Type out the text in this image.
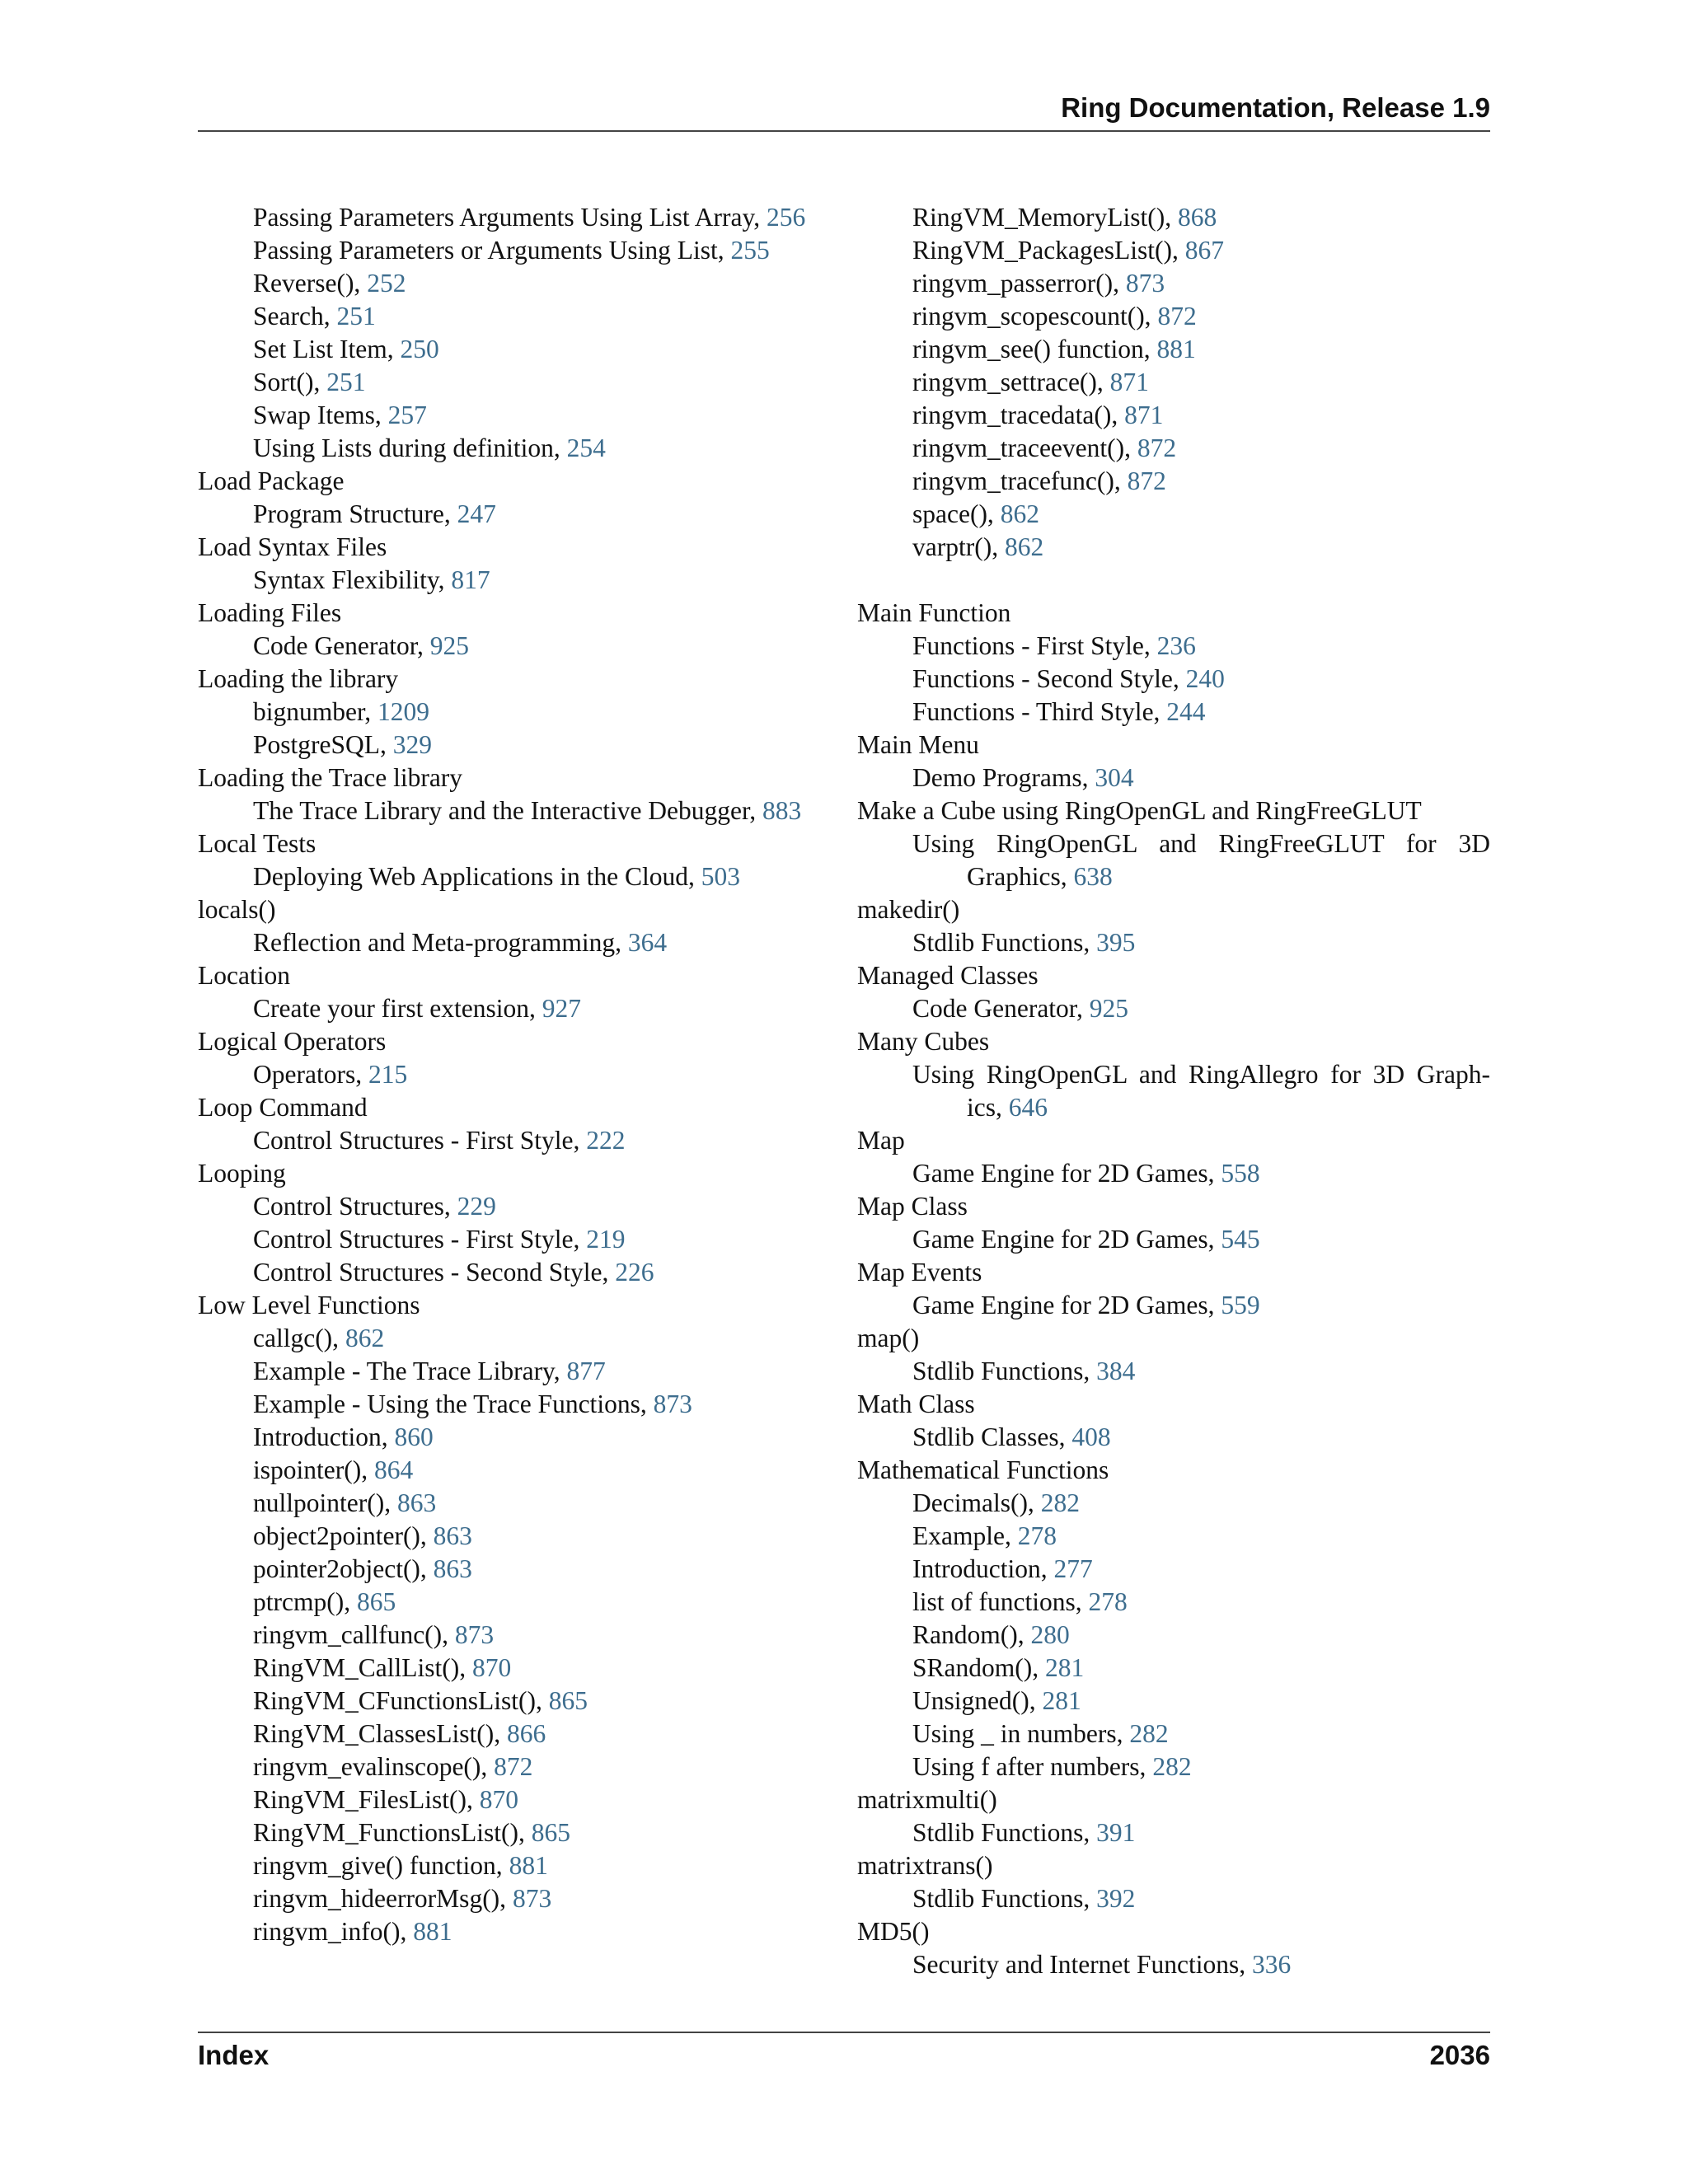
Ring Documentation, Release 1.9
Passing Parameters Arguments Using List Array, 256
Passing Parameters or Arguments Using List, 255
Reverse(), 252
Search, 251
Set List Item, 250
Sort(), 251
Swap Items, 257
Using Lists during definition, 254
Load Package
Program Structure, 247
Load Syntax Files
Syntax Flexibility, 817
Loading Files
Code Generator, 925
Loading the library
bignumber, 1209
PostgreSQL, 329
Loading the Trace library
The Trace Library and the Interactive Debugger, 883
Local Tests
Deploying Web Applications in the Cloud, 503
locals()
Reflection and Meta-programming, 364
Location
Create your first extension, 927
Logical Operators
Operators, 215
Loop Command
Control Structures - First Style, 222
Looping
Control Structures, 229
Control Structures - First Style, 219
Control Structures - Second Style, 226
Low Level Functions
callgc(), 862
Example - The Trace Library, 877
Example - Using the Trace Functions, 873
Introduction, 860
ispointer(), 864
nullpointer(), 863
object2pointer(), 863
pointer2object(), 863
ptrcmp(), 865
ringvm_callfunc(), 873
RingVM_CallList(), 870
RingVM_CFunctionsList(), 865
RingVM_ClassesList(), 866
ringvm_evalinscope(), 872
RingVM_FilesList(), 870
RingVM_FunctionsList(), 865
ringvm_give() function, 881
ringvm_hideerrorMsg(), 873
ringvm_info(), 881
RingVM_MemoryList(), 868
RingVM_PackagesList(), 867
ringvm_passerror(), 873
ringvm_scopescount(), 872
ringvm_see() function, 881
ringvm_settrace(), 871
ringvm_tracedata(), 871
ringvm_traceevent(), 872
ringvm_tracefunc(), 872
space(), 862
varptr(), 862
Main Function
Functions - First Style, 236
Functions - Second Style, 240
Functions - Third Style, 244
Main Menu
Demo Programs, 304
Make a Cube using RingOpenGL and RingFreeGLUT
Using RingOpenGL and RingFreeGLUT for 3D Graphics, 638
makedir()
Stdlib Functions, 395
Managed Classes
Code Generator, 925
Many Cubes
Using RingOpenGL and RingAllegro for 3D Graph- ics, 646
Map
Game Engine for 2D Games, 558
Map Class
Game Engine for 2D Games, 545
Map Events
Game Engine for 2D Games, 559
map()
Stdlib Functions, 384
Math Class
Stdlib Classes, 408
Mathematical Functions
Decimals(), 282
Example, 278
Introduction, 277
list of functions, 278
Random(), 280
SRandom(), 281
Unsigned(), 281
Using _ in numbers, 282
Using f after numbers, 282
matrixmulti()
Stdlib Functions, 391
matrixtrans()
Stdlib Functions, 392
MD5()
Security and Internet Functions, 336
Index	2036
